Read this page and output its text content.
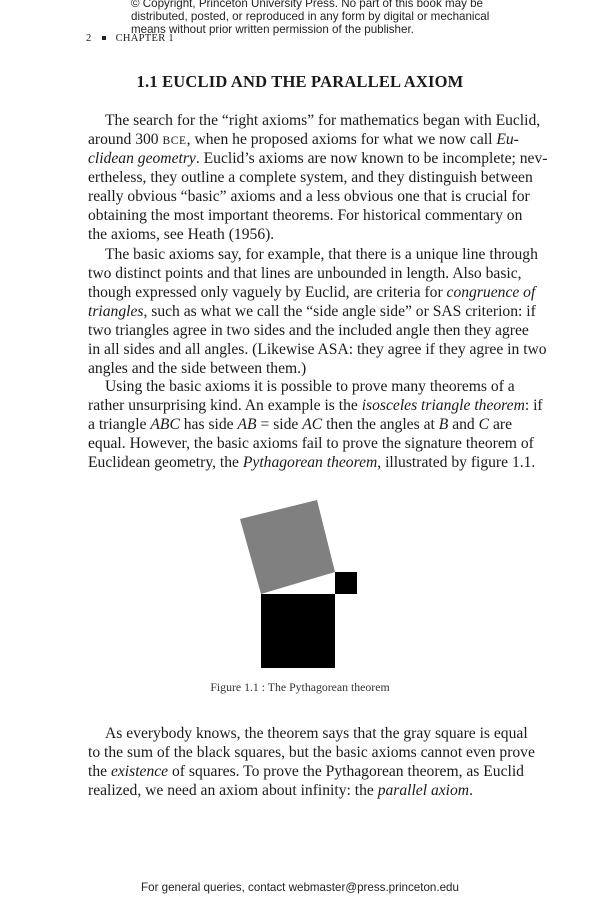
© Copyright, Princeton University Press. No part of this book may be
distributed, posted, or reproduced in any form by digital or mechanical
means without prior written permission of the publisher.
2 CHAPTER 1
1.1 EUCLID AND THE PARALLEL AXIOM
The search for the “right axioms” for mathematics began with Euclid,
around 300 BCE, when he proposed axioms for what we now call Eu-
clidean geometry. Euclid’s axioms are now known to be incomplete; nev-
ertheless, they outline a complete system, and they distinguish between
really obvious “basic” axioms and a less obvious one that is crucial for
obtaining the most important theorems. For historical commentary on
the axioms, see Heath (1956).
The basic axioms say, for example, that there is a unique line through
two distinct points and that lines are unbounded in length. Also basic,
though expressed only vaguely by Euclid, are criteria for congruence of
triangles, such as what we call the “side angle side” or SAS criterion: if
two triangles agree in two sides and the included angle then they agree
in all sides and all angles. (Likewise ASA: they agree if they agree in two
angles and the side between them.)
Using the basic axioms it is possible to prove many theorems of a
rather unsurprising kind. An example is the isosceles triangle theorem: if
a triangle ABC has side AB = side AC then the angles at B and C are
equal. However, the basic axioms fail to prove the signature theorem of
Euclidean geometry, the Pythagorean theorem, illustrated by figure 1.1.
As everybody knows, the theorem says that the gray square is equal
to the sum of the black squares, but the basic axioms cannot even prove
the existence of squares. To prove the Pythagorean theorem, as Euclid
realized, we need an axiom about infinity: the parallel axiom.
Figure 1.1 : The Pythagorean theorem
For general queries, contact webmaster@press.princeton.edu
